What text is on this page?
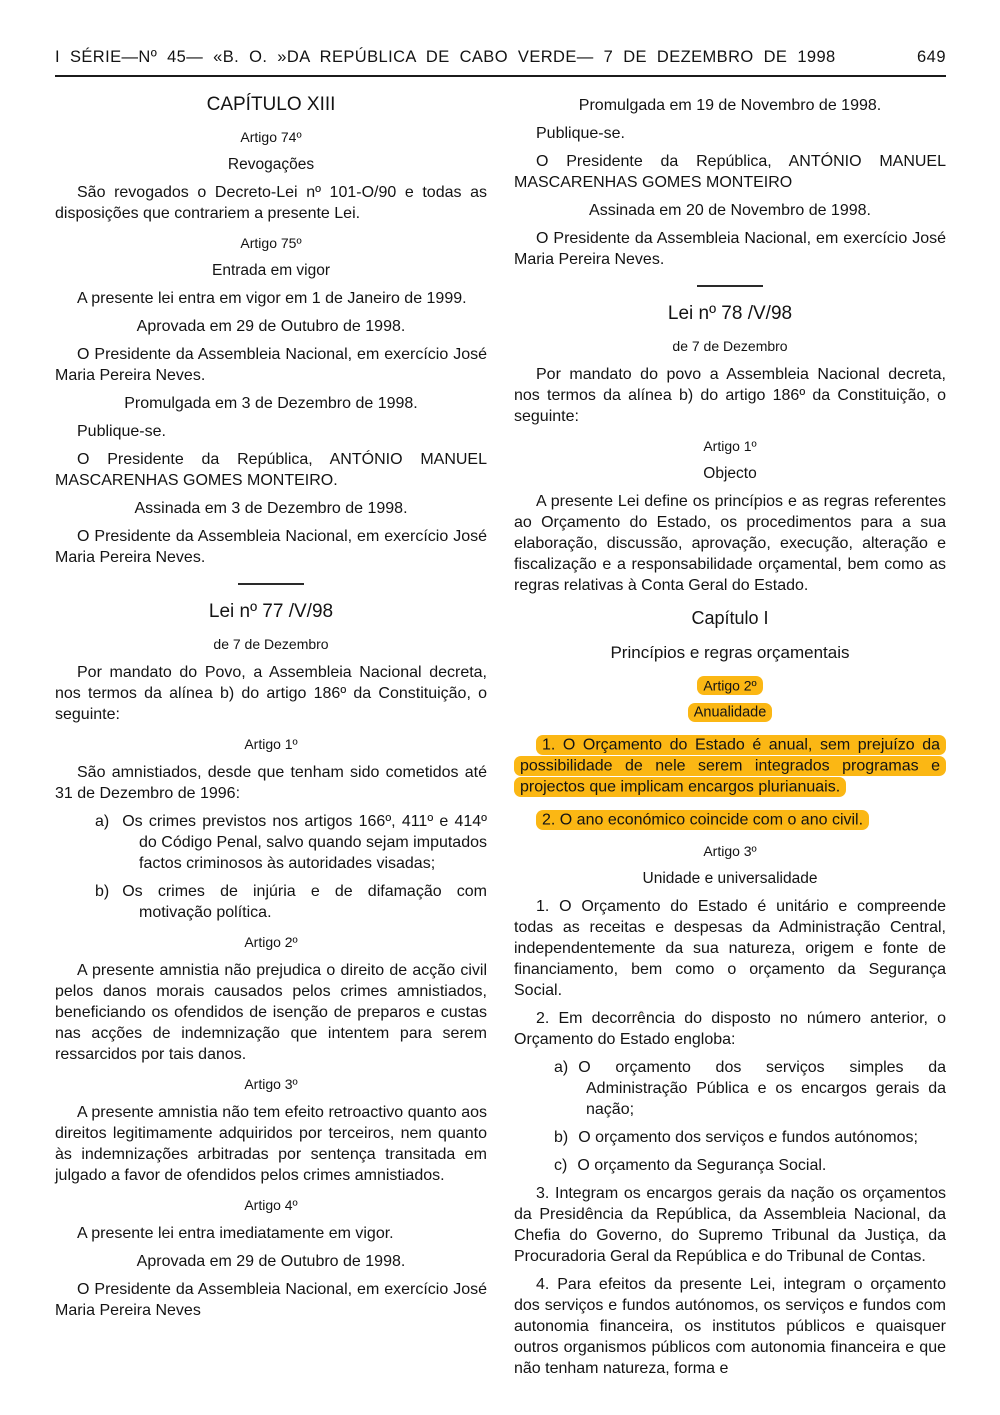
I SÉRIE—Nº 45— «B. O. »DA REPÚBLICA DE CABO VERDE— 7 DE DEZEMBRO DE 1998	649
CAPÍTULO XIII
Artigo 74º
Revogações

São revogados o Decreto-Lei nº 101-O/90 e todas as disposições que contrariem a presente Lei.

Artigo 75º
Entrada em vigor

A presente lei entra em vigor em 1 de Janeiro de 1999.

Aprovada em 29 de Outubro de 1998.

O Presidente da Assembleia Nacional, em exercício José Maria Pereira Neves.

Promulgada em 3 de Dezembro de 1998.

Publique-se.

O Presidente da República, ANTÓNIO MANUEL MASCARENHAS GOMES MONTEIRO.

Assinada em 3 de Dezembro de 1998.

O Presidente da Assembleia Nacional, em exercício José Maria Pereira Neves.

Lei nº 77 /V/98
de 7 de Dezembro

Por mandato do Povo, a Assembleia Nacional decreta, nos termos da alínea b) do artigo 186º da Constituição, o seguinte:

Artigo 1º

São amnistiados, desde que tenham sido cometidos até 31 de Dezembro de 1996:

a) Os crimes previstos nos artigos 166º, 411º e 414º do Código Penal, salvo quando sejam imputados factos criminosos às autoridades visadas;

b) Os crimes de injúria e de difamação com motivação política.

Artigo 2º

A presente amnistia não prejudica o direito de acção civil pelos danos morais causados pelos crimes amnistiados, beneficiando os ofendidos de isenção de preparos e custas nas acções de indemnização que intentem para serem ressarcidos por tais danos.

Artigo 3º

A presente amnistia não tem efeito retroactivo quanto aos direitos legitimamente adquiridos por terceiros, nem quanto às indemnizações arbitradas por sentença transitada em julgado a favor de ofendidos pelos crimes amnistiados.

Artigo 4º

A presente lei entra imediatamente em vigor.

Aprovada em 29 de Outubro de 1998.

O Presidente da Assembleia Nacional, em exercício José Maria Pereira Neves

Promulgada em 19 de Novembro de 1998.

Publique-se.

O Presidente da República, ANTÓNIO MANUEL MASCARENHAS GOMES MONTEIRO

Assinada em 20 de Novembro de 1998.

O Presidente da Assembleia Nacional, em exercício José Maria Pereira Neves.

Lei nº 78 /V/98
de 7 de Dezembro

Por mandato do povo a Assembleia Nacional decreta, nos termos da alínea b) do artigo 186º da Constituição, o seguinte:

Artigo 1º
Objecto

A presente Lei define os princípios e as regras referentes ao Orçamento do Estado, os procedimentos para a sua elaboração, discussão, aprovação, execução, alteração e fiscalização e a responsabilidade orçamental, bem como as regras relativas à Conta Geral do Estado.

Capítulo I
Princípios e regras orçamentais
Artigo 2º
Anualidade

1. O Orçamento do Estado é anual, sem prejuízo da possibilidade de nele serem integrados programas e projectos que implicam encargos plurianuais.

2. O ano económico coincide com o ano civil.

Artigo 3º
Unidade e universalidade

1. O Orçamento do Estado é unitário e compreende todas as receitas e despesas da Administração Central, independentemente da sua natureza, origem e fonte de financiamento, bem como o orçamento da Segurança Social.

2. Em decorrência do disposto no número anterior, o Orçamento do Estado engloba:

a) O orçamento dos serviços simples da Administração Pública e os encargos gerais da nação;

b) O orçamento dos serviços e fundos autónomos;

c) O orçamento da Segurança Social.

3. Integram os encargos gerais da nação os orçamentos da Presidência da República, da Assembleia Nacional, da Chefia do Governo, do Supremo Tribunal da Justiça, da Procuradoria Geral da República e do Tribunal de Contas.

4. Para efeitos da presente Lei, integram o orçamento dos serviços e fundos autónomos, os serviços e fundos com autonomia financeira, os institutos públicos e quaisquer outros organismos públicos com autonomia financeira e que não tenham natureza, forma e
